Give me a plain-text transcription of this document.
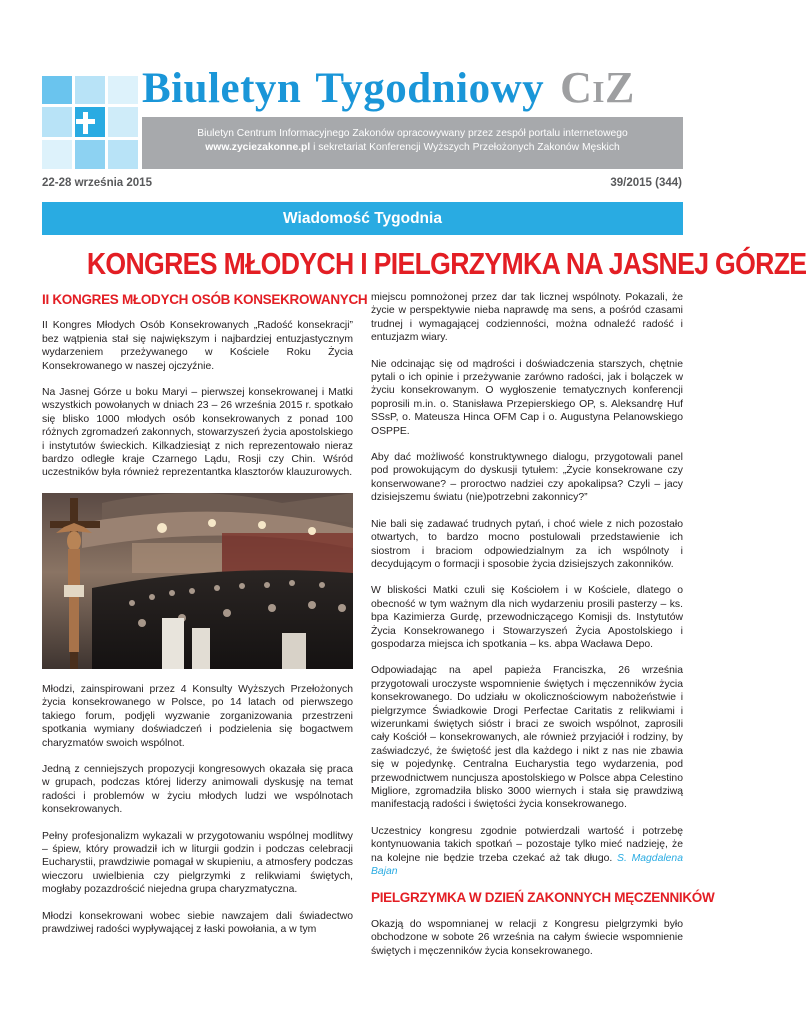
Biuletyn Tygodniowy CiZ
Biuletyn Centrum Informacyjnego Zakonów opracowywany przez zespół portalu internetowego
www.zyciezakonne.pl i sekretariat Konferencji Wyższych Przełożonych Zakonów Męskich
22-28 września 2015	39/2015 (344)
Wiadomość Tygodnia
KONGRES MŁODYCH I PIELGRZYMKA NA JASNEJ GÓRZE
II KONGRES MŁODYCH OSÓB KONSEKROWANYCH

II Kongres Młodych Osób Konsekrowanych „Radość konsekracji” bez wątpienia stał się największym i najbardziej entuzjastycznym wydarzeniem przeżywanego w Kościele Roku Życia Konsekrowanego w naszej ojczyźnie.

Na Jasnej Górze u boku Maryi – pierwszej konsekrowanej i Matki wszystkich powołanych w dniach 23 – 26 września 2015 r. spotkało się blisko 1000 młodych osób konsekrowanych z ponad 100 różnych zgromadzeń zakonnych, stowarzyszeń życia apostolskiego i instytutów świeckich. Kilkadziesiąt z nich reprezentowało nieraz bardzo odległe kraje Czarnego Lądu, Rosji czy Chin. Wśród uczestników była również reprezentantka klasztorów klauzurowych.

Młodzi, zainspirowani przez 4 Konsulty Wyższych Przełożonych życia konsekrowanego w Polsce, po 14 latach od pierwszego takiego forum, podjęli wyzwanie zorganizowania przestrzeni spotkania wymiany doświadczeń i podzielenia się bogactwem charyzmatów swoich wspólnot.

Jedną z cenniejszych propozycji kongresowych okazała się praca w grupach, podczas której liderzy animowali dyskusję na temat radości i problemów w życiu młodych ludzi we wspólnotach konsekrowanych.

Pełny profesjonalizm wykazali w przygotowaniu wspólnej modlitwy – śpiew, który prowadził ich w liturgii godzin i podczas celebracji Eucharystii, prawdziwie pomagał w skupieniu, a atmosfery podczas wieczoru uwielbienia czy pielgrzymki z relikwiami świętych, mogłaby pozazdrościć niejedna grupa charyzmatyczna.

Młodzi konsekrowani wobec siebie nawzajem dali świadectwo prawdziwej radości wypływającej z łaski powołania, a w tym

miejscu pomnożonej przez dar tak licznej wspólnoty. Pokazali, że życie w perspektywie nieba naprawdę ma sens, a pośród czasami trudnej i wymagającej codzienności, można odnaleźć radość i entuzjazm wiary.

Nie odcinając się od mądrości i doświadczenia starszych, chętnie pytali o ich opinie i przeżywanie zarówno radości, jak i bolączek w życiu konsekrowanym. O wygłoszenie tematycznych konferencji poprosili m.in. o. Stanisława Przepierskiego OP, s. Aleksandrę Huf SSsP, o. Mateusza Hinca OFM Cap i o. Augustyna Pelanowskiego OSPPE.

Aby dać możliwość konstruktywnego dialogu, przygotowali panel pod prowokującym do dyskusji tytułem: „Życie konsekrowane czy konserwowane? – proroctwo nadziei czy apokalipsa? Czyli – jacy dzisiejszemu światu (nie)potrzebni zakonnicy?”

Nie bali się zadawać trudnych pytań, i choć wiele z nich pozostało otwartych, to bardzo mocno postulowali przedstawienie ich siostrom i braciom odpowiedzialnym za ich wspólnoty i decydującym o formacji i sposobie życia dzisiejszych zakonników.

W bliskości Matki czuli się Kościołem i w Kościele, dlatego o obecność w tym ważnym dla nich wydarzeniu prosili pasterzy – ks. bpa Kazimierza Gurdę, przewodniczącego Komisji ds. Instytutów Życia Konsekrowanego i Stowarzyszeń Życia Apostolskiego i gospodarza miejsca ich spotkania – ks. abpa Wacława Depo.

Odpowiadając na apel papieża Franciszka, 26 września przygotowali uroczyste wspomnienie świętych i męczenników życia konsekrowanego. Do udziału w okolicznościowym nabożeństwie i pielgrzymce Świadkowie Drogi Perfectae Caritatis z relikwiami i wizerunkami świętych sióstr i braci ze swoich wspólnot, zaprosili cały Kościół – konsekrowanych, ale również przyjaciół i rodziny, by zaświadczyć, że świętość jest dla każdego i nikt z nas nie zbawia się w pojedynkę. Centralna Eucharystia tego wydarzenia, pod przewodnictwem nuncjusza apostolskiego w Polsce abpa Celestino Migliore, zgromadziła blisko 3000 wiernych i stała się prawdziwą manifestacją radości i świętości życia konsekrowanego.

Uczestnicy kongresu zgodnie potwierdzali wartość i potrzebę kontynuowania takich spotkań – pozostaje tylko mieć nadzieję, że na kolejne nie będzie trzeba czekać aż tak długo. S. Magdalena Bajan

PIELGRZYMKA W DZIEŃ ZAKONNYCH MĘCZENNIKÓW

Okazją do wspomnianej w relacji z Kongresu pielgrzymki było obchodzone w sobote 26 września na całym świecie wspomnienie świętych i męczenników życia konsekrowanego.
